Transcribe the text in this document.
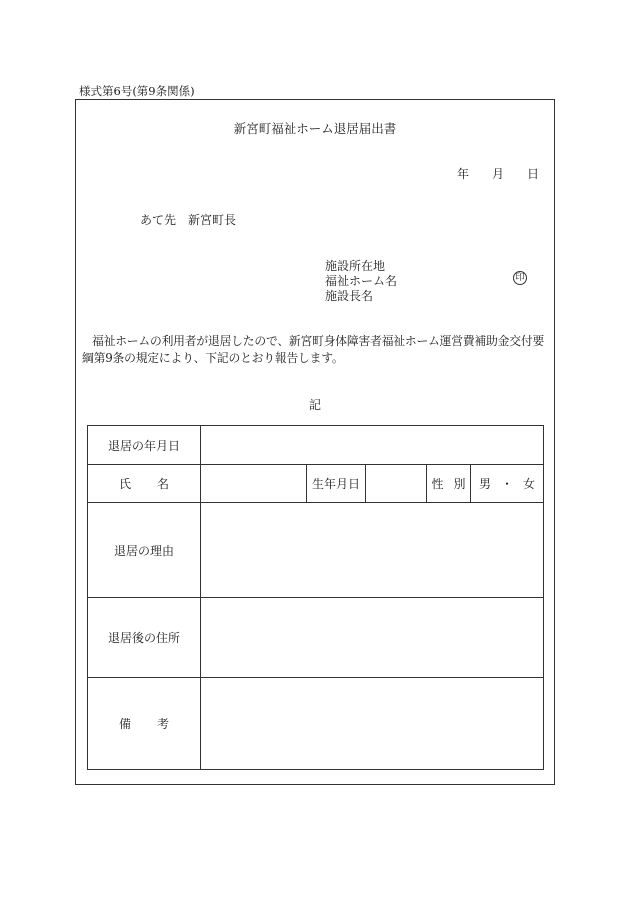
様式第6号(第9条関係)
新宮町福祉ホーム退居届出書
年 月 日
あて先　新宮町長
施設所在地
福祉ホーム名	印
施設長名
福祉ホームの利用者が退居したので、新宮町身体障害者福祉ホーム運営費補助金交付要綱第9条の規定により、下記のとおり報告します。
記
退居の年月日					
氏 名		生年月日		性 別	男 ・ 女
退居の理由					
退居後の住所					
備 考					
